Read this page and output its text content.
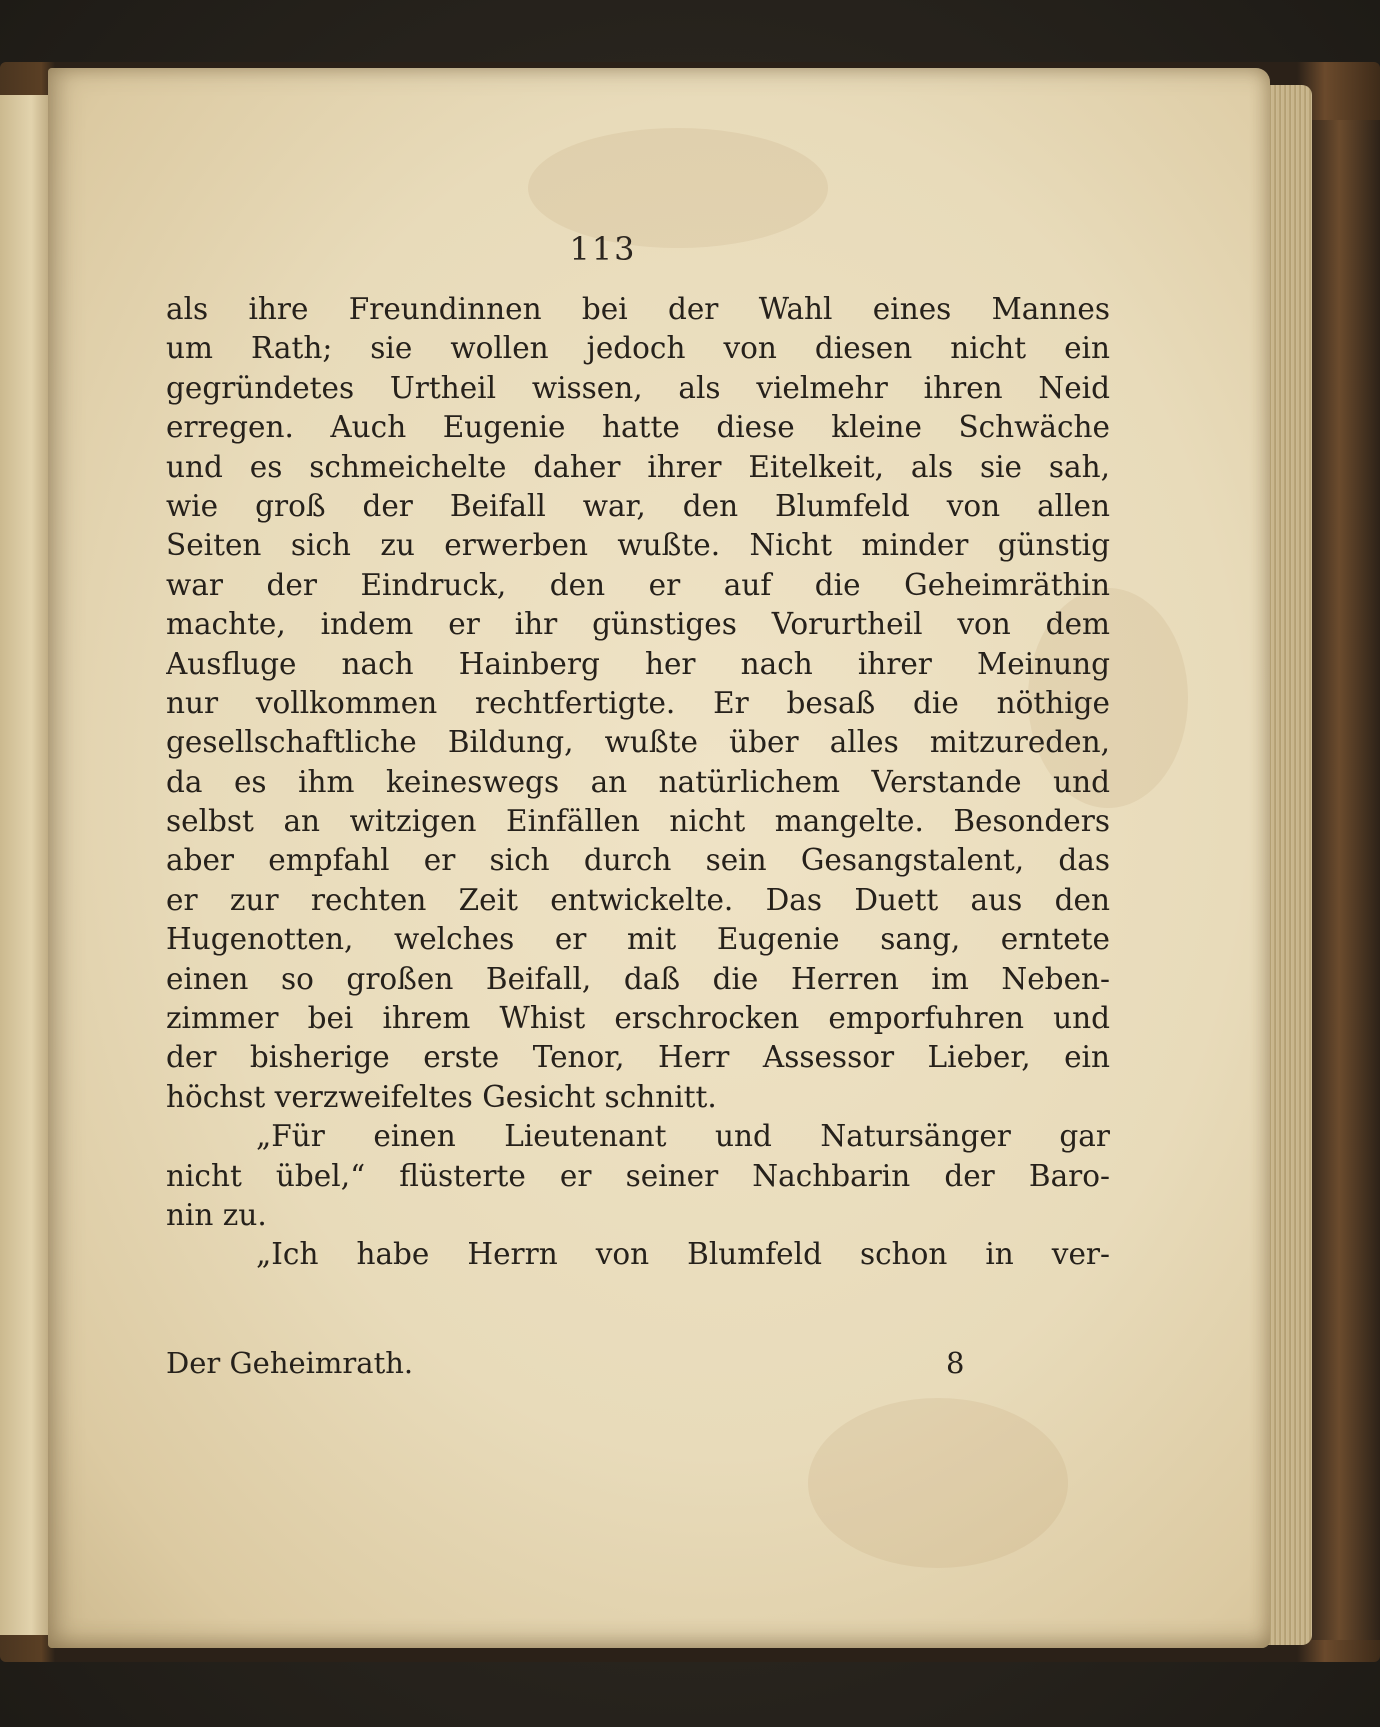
113
als ihre Freundinnen bei der Wahl eines Mannes
um Rath; sie wollen jedoch von diesen nicht ein
gegründetes Urtheil wissen, als vielmehr ihren Neid
erregen. Auch Eugenie hatte diese kleine Schwäche
und es schmeichelte daher ihrer Eitelkeit, als sie sah,
wie groß der Beifall war, den Blumfeld von allen
Seiten sich zu erwerben wußte. Nicht minder günstig
war der Eindruck, den er auf die Geheimräthin
machte, indem er ihr günstiges Vorurtheil von dem
Ausfluge nach Hainberg her nach ihrer Meinung
nur vollkommen rechtfertigte. Er besaß die nöthige
gesellschaftliche Bildung, wußte über alles mitzureden,
da es ihm keineswegs an natürlichem Verstande und
selbst an witzigen Einfällen nicht mangelte. Besonders
aber empfahl er sich durch sein Gesangstalent, das
er zur rechten Zeit entwickelte. Das Duett aus den
Hugenotten, welches er mit Eugenie sang, erntete
einen so großen Beifall, daß die Herren im Neben-
zimmer bei ihrem Whist erschrocken emporfuhren und
der bisherige erste Tenor, Herr Assessor Lieber, ein
höchst verzweifeltes Gesicht schnitt.
„Für einen Lieutenant und Natursänger gar
nicht übel,“ flüsterte er seiner Nachbarin der Baro-
nin zu.
„Ich habe Herrn von Blumfeld schon in ver-
Der Geheimrath.	8
